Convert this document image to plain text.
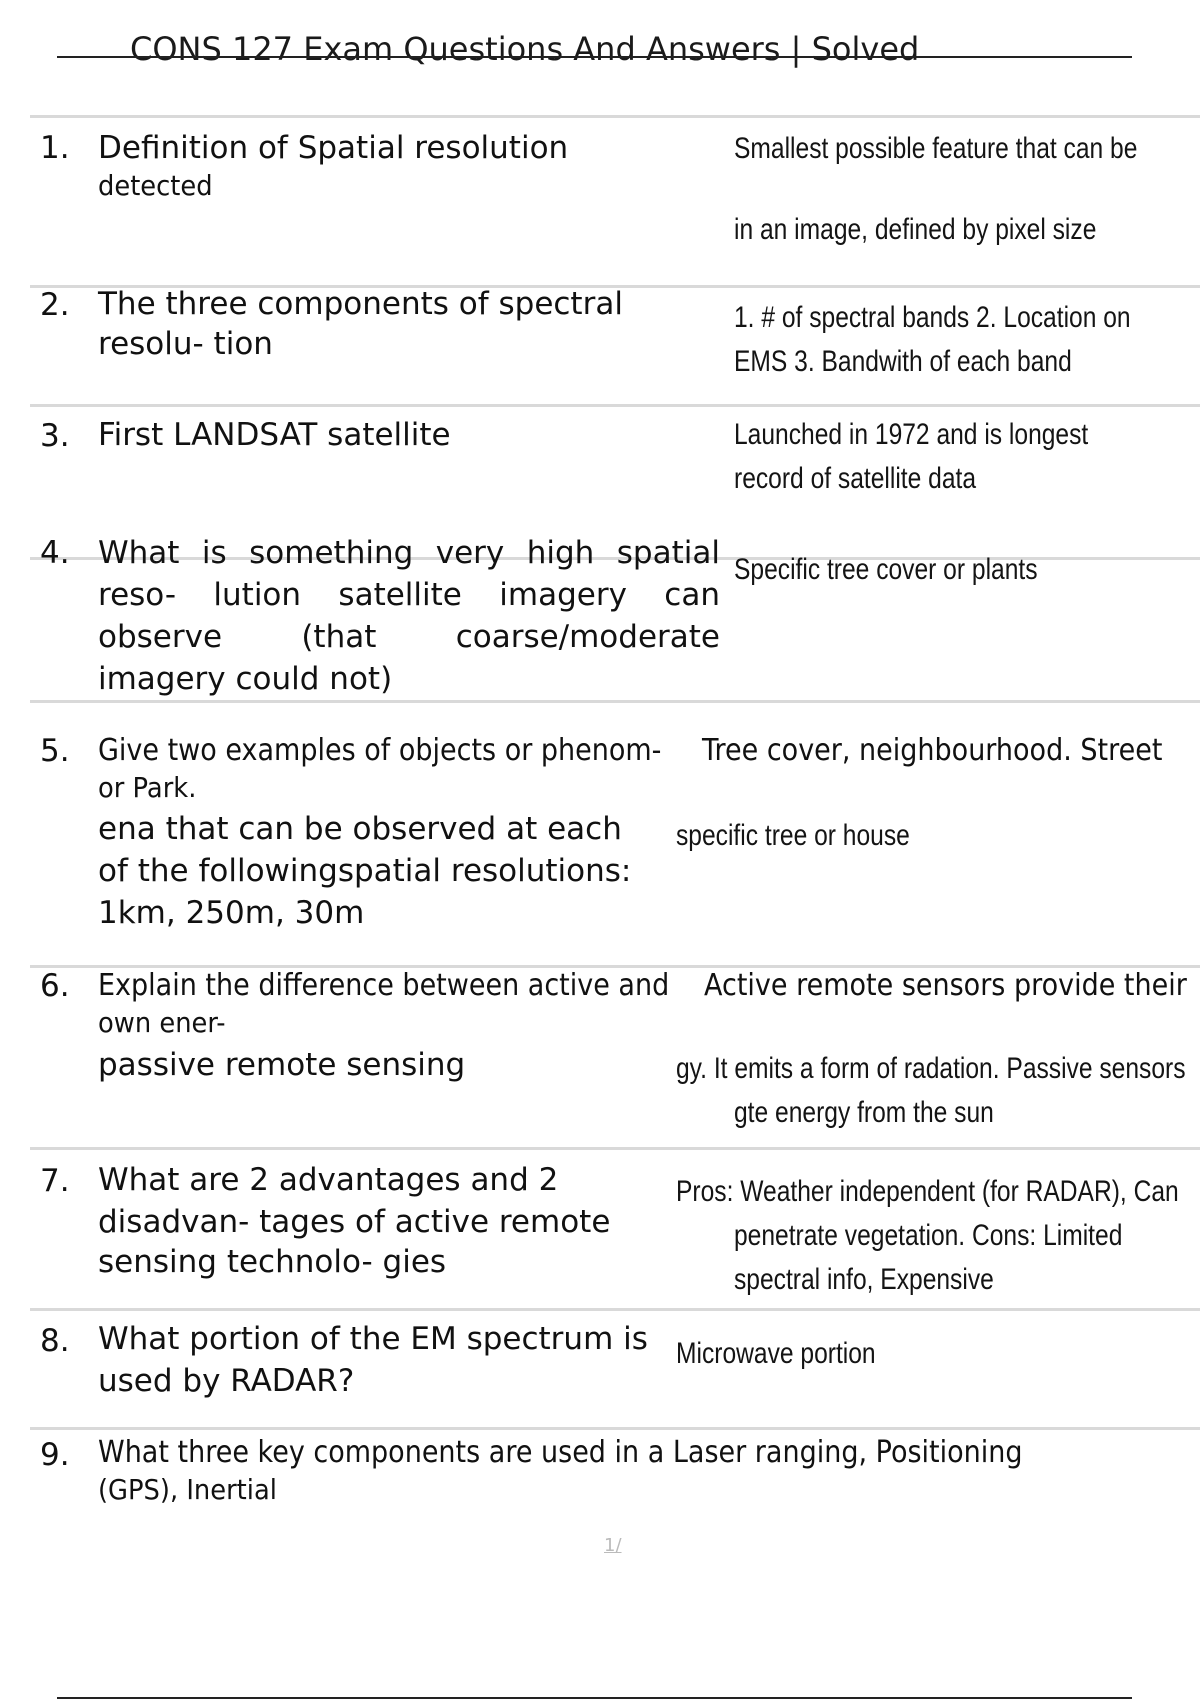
CONS 127 Exam Questions And Answers | Solved
1. Definition of Spatial resolution
detected
Smallest possible feature that can be
in an image, defined by pixel size
2. The three components of spectral
resolu- tion
1. # of spectral bands 2. Location on
EMS 3. Bandwith of each band
3. First LANDSAT satellite	Launched in 1972 and is longest
record of satellite data
4. What is something very high spatial
reso- lution satellite imagery can
observe (that coarse/moderate
imagery could not)
Specific tree cover or plants
5. Give two examples of objects or phenom- Tree cover, neighbourhood. Street
or Park.
ena that can be observed at each specific tree or house
of the followingspatial resolutions:
1km, 250m, 30m
6. Explain the difference between active and Active remote sensors provide their
own ener-
passive remote sensing	gy. It emits a form of radation. Passive sensors
gte energy from the sun
7. What are 2 advantages and 2
disadvan- tages of active remote
sensing technolo- gies
Pros: Weather independent (for RADAR), Can
penetrate vegetation. Cons: Limited
spectral info, Expensive
8. What portion of the EM spectrum is
used by RADAR?
Microwave portion
9. What three key components are used in a Laser ranging, Positioning
(GPS), Inertial
1/
